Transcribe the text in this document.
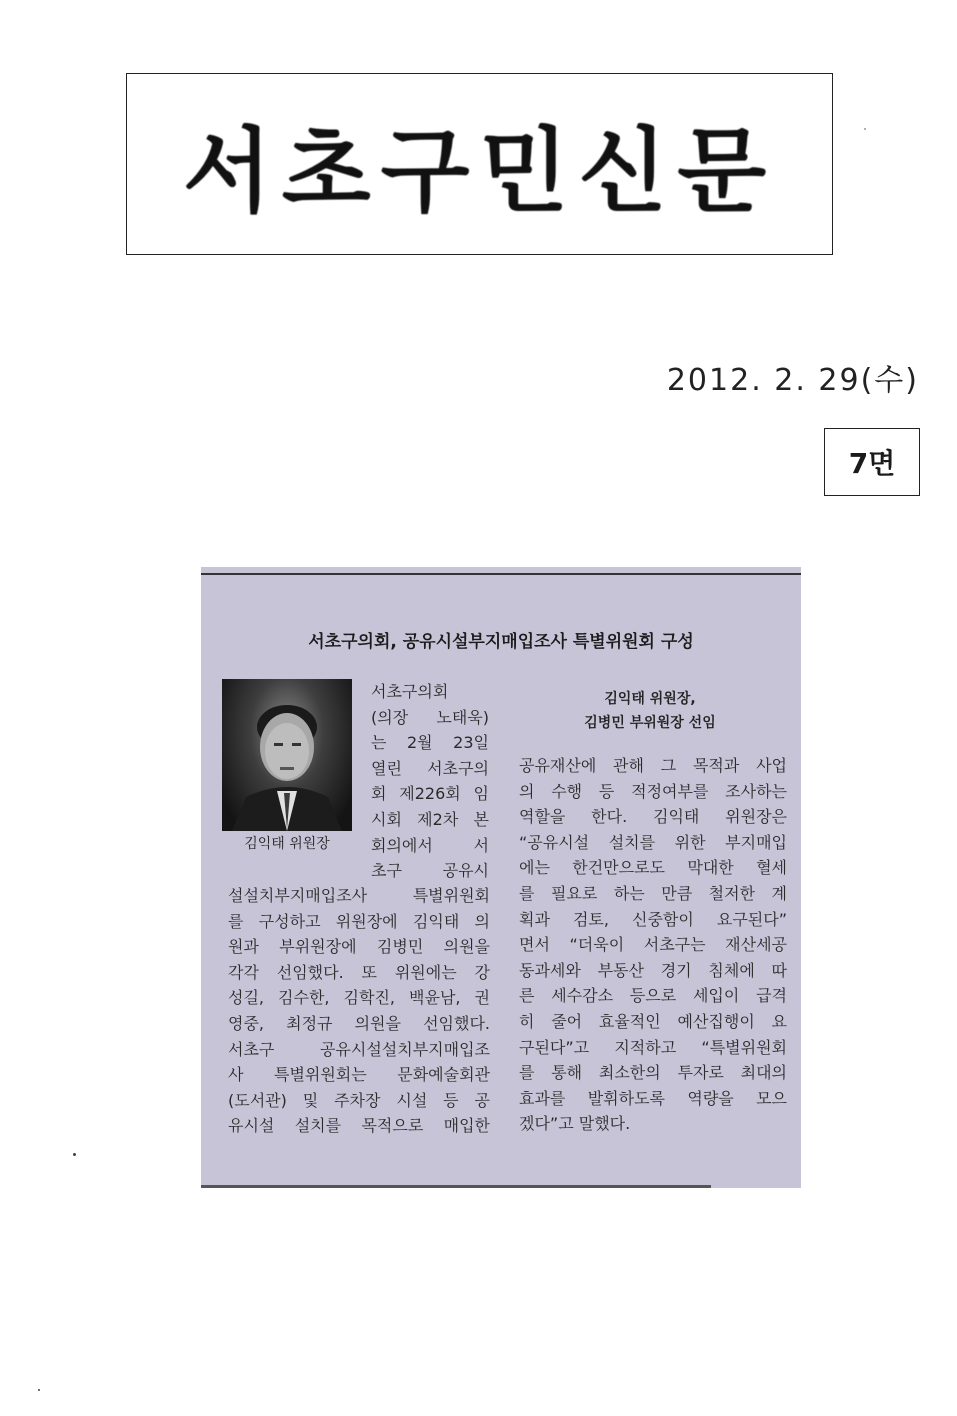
서초구민신문
2012. 2. 29(수)
7면
서초구의회, 공유시설부지매입조사 특별위원회 구성
김익태 위원장
서초구의회
(의장 노태욱)
는 2월 23일
열린 서초구의
회 제226회 임
시회 제2차 본
회의에서 서
초구 공유시
설설치부지매입조사 특별위원회
를 구성하고 위원장에 김익태 의
원과 부위원장에 김병민 의원을
각각 선임했다. 또 위원에는 강
성길, 김수한, 김학진, 백윤남, 권
영중, 최정규 의원을 선임했다.
서초구 공유시설설치부지매입조
사 특별위원회는 문화예술회관
(도서관) 및 주차장 시설 등 공
유시설 설치를 목적으로 매입한
김익태 위원장,
김병민 부위원장 선임
공유재산에 관해 그 목적과 사업
의 수행 등 적정여부를 조사하는
역할을 한다. 김익태 위원장은
“공유시설 설치를 위한 부지매입
에는 한건만으로도 막대한 혈세
를 필요로 하는 만큼 철저한 계
획과 검토, 신중함이 요구된다”
면서 “더욱이 서초구는 재산세공
동과세와 부동산 경기 침체에 따
른 세수감소 등으로 세입이 급격
히 줄어 효율적인 예산집행이 요
구된다”고 지적하고 “특별위원회
를 통해 최소한의 투자로 최대의
효과를 발휘하도록 역량을 모으
겠다”고 말했다.
